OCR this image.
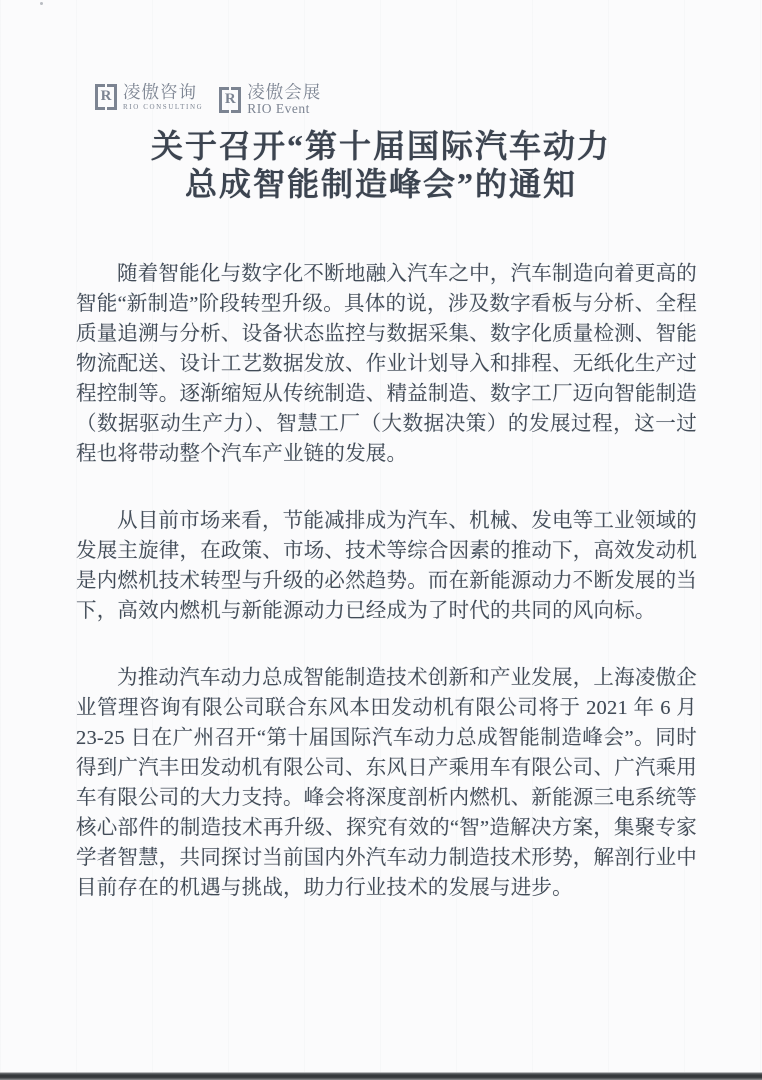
R 凌傲咨询
RIO CONSULTING	R 凌傲会展
RIO Event
关于召开“第十届国际汽车动力
总成智能制造峰会”的通知

随着智能化与数字化不断地融入汽车之中，汽车制造向着更高的智能“新制造”阶段转型升级。具体的说，涉及数字看板与分析、全程质量追溯与分析、设备状态监控与数据采集、数字化质量检测、智能物流配送、设计工艺数据发放、作业计划导入和排程、无纸化生产过程控制等。逐渐缩短从传统制造、精益制造、数字工厂迈向智能制造（数据驱动生产力）、智慧工厂（大数据决策）的发展过程，这一过程也将带动整个汽车产业链的发展。

从目前市场来看，节能减排成为汽车、机械、发电等工业领域的发展主旋律，在政策、市场、技术等综合因素的推动下，高效发动机是内燃机技术转型与升级的必然趋势。而在新能源动力不断发展的当下，高效内燃机与新能源动力已经成为了时代的共同的风向标。

为推动汽车动力总成智能制造技术创新和产业发展，上海凌傲企业管理咨询有限公司联合东风本田发动机有限公司将于 2021 年 6 月 23-25 日在广州召开“第十届国际汽车动力总成智能制造峰会”。同时得到广汽丰田发动机有限公司、东风日产乘用车有限公司、广汽乘用车有限公司的大力支持。峰会将深度剖析内燃机、新能源三电系统等核心部件的制造技术再升级、探究有效的“智”造解决方案，集聚专家学者智慧，共同探讨当前国内外汽车动力制造技术形势，解剖行业中目前存在的机遇与挑战，助力行业技术的发展与进步。
